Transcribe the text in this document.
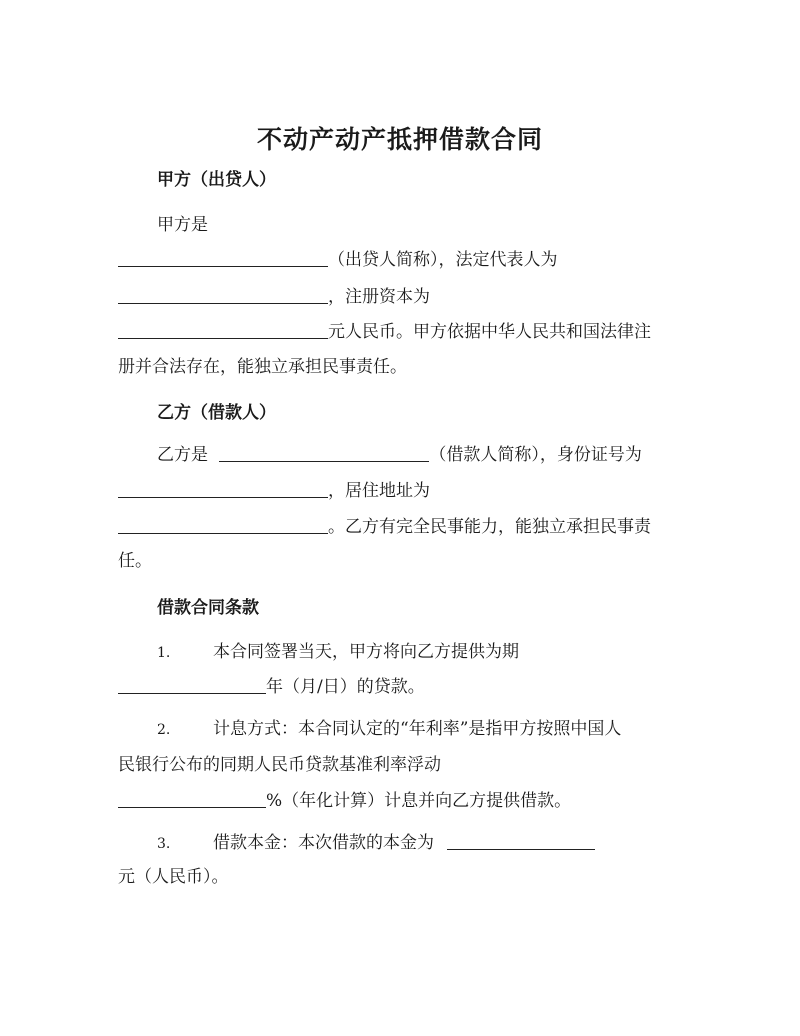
不动产动产抵押借款合同
甲方（出贷人）
甲方是
（出贷人简称），法定代表人为
，注册资本为
元人民币。甲方依据中华人民共和国法律注
册并合法存在，能独立承担民事责任。
乙方（借款人）
乙方是	（借款人简称），身份证号为
，居住地址为
。乙方有完全民事能力，能独立承担民事责
任。
借款合同条款
1.	本合同签署当天，甲方将向乙方提供为期
年（月/日）的贷款。
2.	计息方式：本合同认定的“年利率”是指甲方按照中国人
民银行公布的同期人民币贷款基准利率浮动
%（年化计算）计息并向乙方提供借款。
3.	借款本金：本次借款的本金为
元（人民币）。
